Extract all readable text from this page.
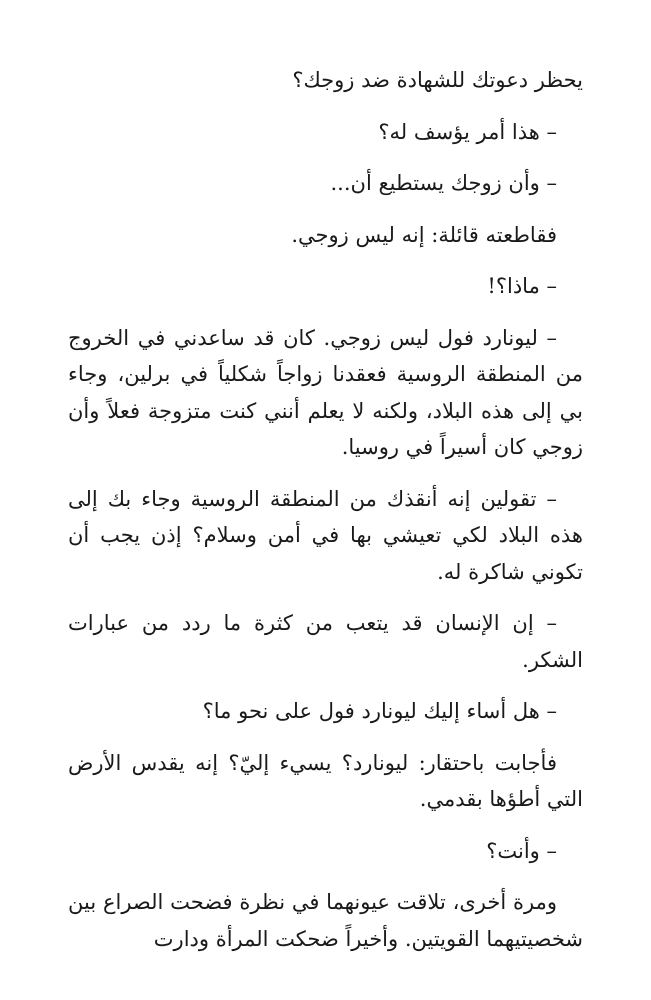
يحظر دعوتك للشهادة ضد زوجك؟

– هذا أمر يؤسف له؟

– وأن زوجك يستطيع أن...

فقاطعته قائلة: إنه ليس زوجي.

– ماذا؟!

– ليونارد فول ليس زوجي. كان قد ساعدني في الخروج من المنطقة الروسية فعقدنا زواجاً شكلياً في برلين، وجاء بي إلى هذه البلاد، ولكنه لا يعلم أنني كنت متزوجة فعلاً وأن زوجي كان أسيراً في روسيا.

– تقولين إنه أنقذك من المنطقة الروسية وجاء بك إلى هذه البلاد لكي تعيشي بها في أمن وسلام؟ إذن يجب أن تكوني شاكرة له.

– إن الإنسان قد يتعب من كثرة ما ردد من عبارات الشكر.

– هل أساء إليك ليونارد فول على نحو ما؟

فأجابت باحتقار: ليونارد؟ يسيء إليّ؟ إنه يقدس الأرض التي أطؤها بقدمي.

– وأنت؟

ومرة أخرى، تلاقت عيونهما في نظرة فضحت الصراع بين شخصيتيهما القويتين. وأخيراً ضحكت المرأة ودارت
